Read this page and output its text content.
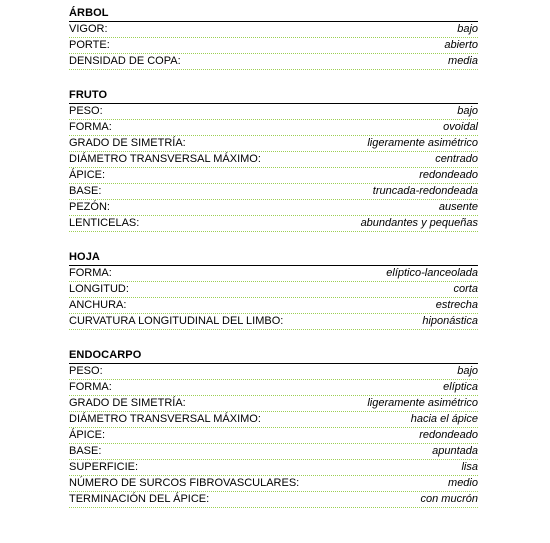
ÁRBOL
VIGOR:	bajo
PORTE:	abierto
DENSIDAD DE COPA:	media
FRUTO
PESO:	bajo
FORMA:	ovoidal
GRADO DE SIMETRÍA:	ligeramente asimétrico
DIÁMETRO TRANSVERSAL MÁXIMO:	centrado
ÁPICE:	redondeado
BASE:	truncada-redondeada
PEZÓN:	ausente
LENTICELAS:	abundantes y pequeñas
HOJA
FORMA:	elíptico-lanceolada
LONGITUD:	corta
ANCHURA:	estrecha
CURVATURA LONGITUDINAL DEL LIMBO:	hiponástica
ENDOCARPO
PESO:	bajo
FORMA:	elíptica
GRADO DE SIMETRÍA:	ligeramente asimétrico
DIÁMETRO TRANSVERSAL MÁXIMO:	hacia el ápice
ÁPICE:	redondeado
BASE:	apuntada
SUPERFICIE:	lisa
NÚMERO DE SURCOS FIBROVASCULARES:	medio
TERMINACIÓN DEL ÁPICE:	con mucrón
